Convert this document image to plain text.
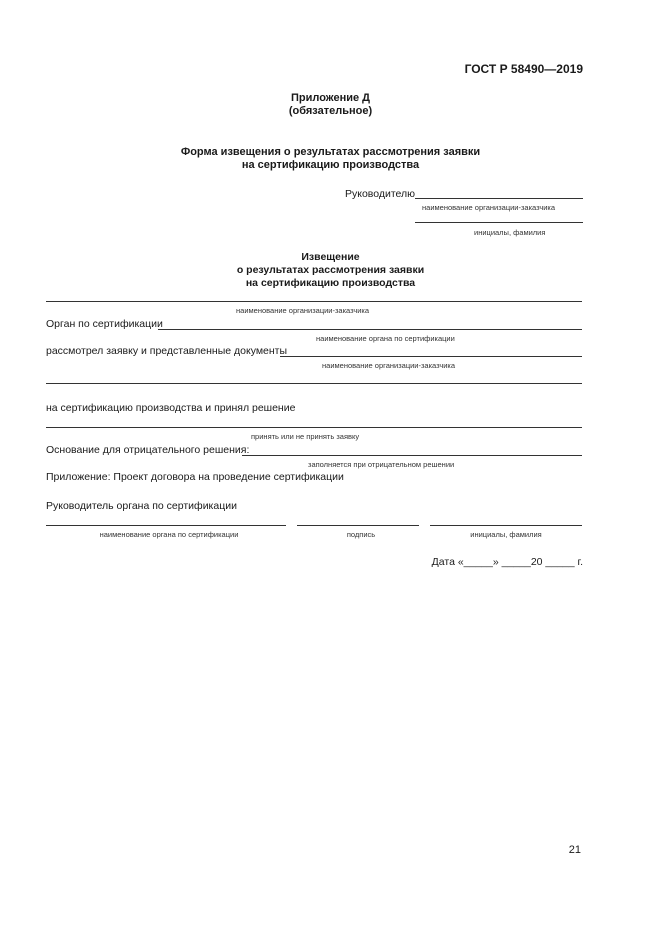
ГОСТ Р 58490—2019
Приложение Д
(обязательное)
Форма извещения о результатах рассмотрения заявки
на сертификацию производства
Руководителю
наименование организации-заказчика
инициалы, фамилия
Извещение
о результатах рассмотрения заявки
на сертификацию производства
наименование организации-заказчика
Орган по сертификации
наименование органа по сертификации
рассмотрел заявку и представленные документы
наименование организации-заказчика
на сертификацию производства и принял решение
принять или не принять заявку
Основание для отрицательного решения:
заполняется при отрицательном решении
Приложение: Проект договора на проведение сертификации
Руководитель органа по сертификации
наименование органа по сертификации	подпись	инициалы, фамилия
Дата «_____» _____20 _____ г.
21
